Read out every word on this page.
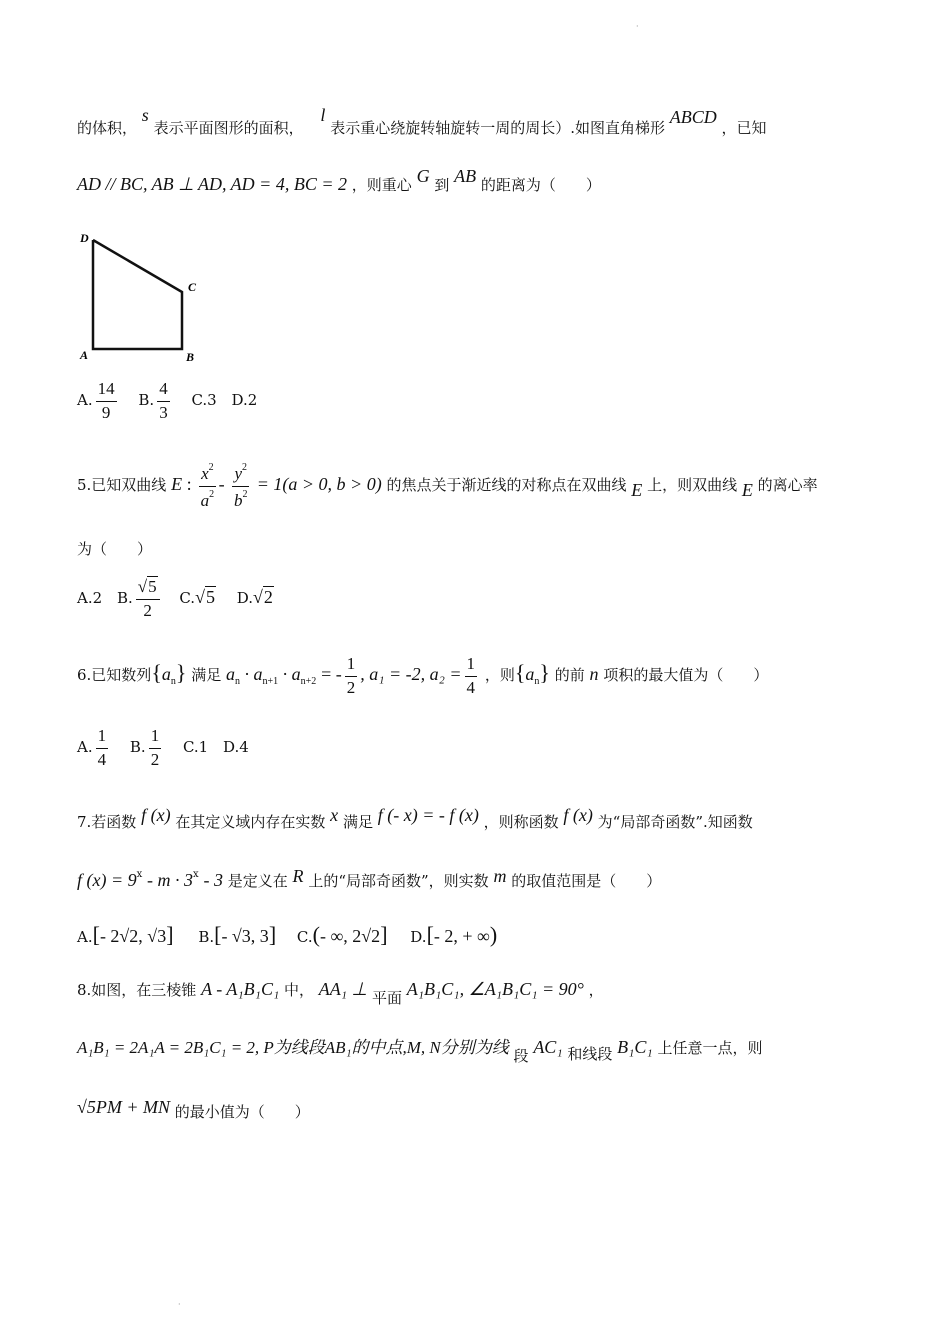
·
·
的体积， s 表示平面图形的面积， l 表示重心绕旋转轴旋转一周的周长）.如图直角梯形 ABCD ，已知
AD // BC, AB ⊥ AD, AD = 4, BC = 2 ，则重心 G 到 AB 的距离为（　　）
D
C
A	B
A. $\frac{14}{9} B$. $\frac{4}{3} C.3$ D.2
5.已知双曲线 E : $\frac{x^2}{a^2} - \frac{y^2}{b^2} = 1(a > 0$, b > 0) 的焦点关于渐近线的对称点在双曲线 E 上，则双曲线 E 的离心率
为（　　）
A.2 B. $\frac{√5}{2} C.√5$ D.√2
6.已知数列$\{a_n\}$ 满足 $a_n \cdot a_{n+1} \cdot a_{n+2}$ = - $\frac{1}{2}$ , a₁ = -2, $a_2 = \frac{1}{4}$ ，则$\{a_n\}$ 的前 n 项积的最大值为（　　）
A. $\frac{1}{4} B$. $\frac{1}{2} C.1$ D.4
7.若函数 f (x) 在其定义域内存在实数 x 满足 f (- x) = - f (x) ，则称函数 f (x) 为“局部奇函数”.知函数
f $(x) = 9^x - m \cdot 3^x - 3$ 是定义在 R 上的“局部奇函数”，则实数 m 的取值范围是（　　）
A.[- 2√2, √3] B.[- √3, 3] C.(- ∞, 2√2] D.[- 2, + ∞)
8.如图，在三棱锥 A - A₁B₁C₁ 中， AA₁ ⊥ 平面 A₁B₁C₁, ∠A₁B₁C₁ = 90° ，
A₁B₁ = 2A₁A = 2B₁C₁ = 2, P为线段AB₁的中点,M, N分别为线 段 AC₁ 和线段 B₁C₁ 上任意一点，则
√5PM + MN 的最小值为（　　）
